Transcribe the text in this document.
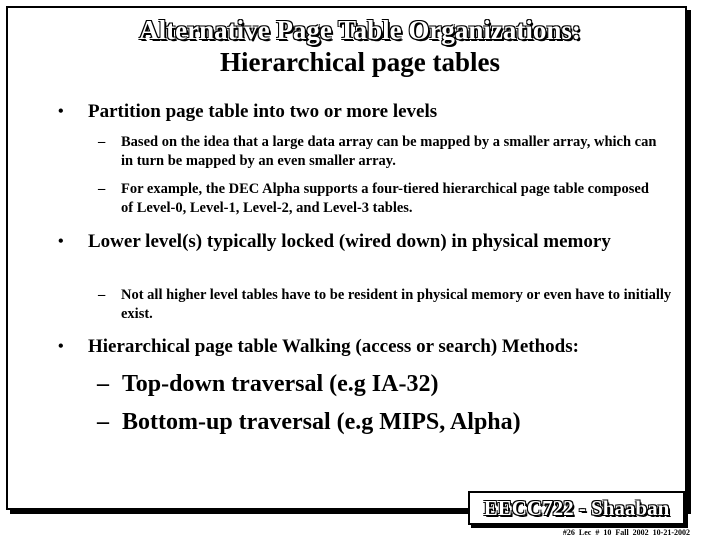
Alternative Page Table Organizations:
Hierarchical page tables
• Partition page table into two or more levels
– Based on the idea that a large data array can be mapped by a smaller array, which can in turn be mapped by an even smaller array.
– For example, the DEC Alpha supports a four-tiered hierarchical page table composed of Level-0, Level-1, Level-2, and Level-3 tables.
• Lower level(s) typically locked (wired down) in physical memory
– Not all higher level tables have to be resident in physical memory or even have to initially exist.
• Hierarchical page table Walking (access or search) Methods:
– Top-down traversal (e.g IA-32)
– Bottom-up traversal (e.g MIPS, Alpha)
EECC722 - Shaaban
#26 Lec # 10 Fall 2002 10-21-2002
